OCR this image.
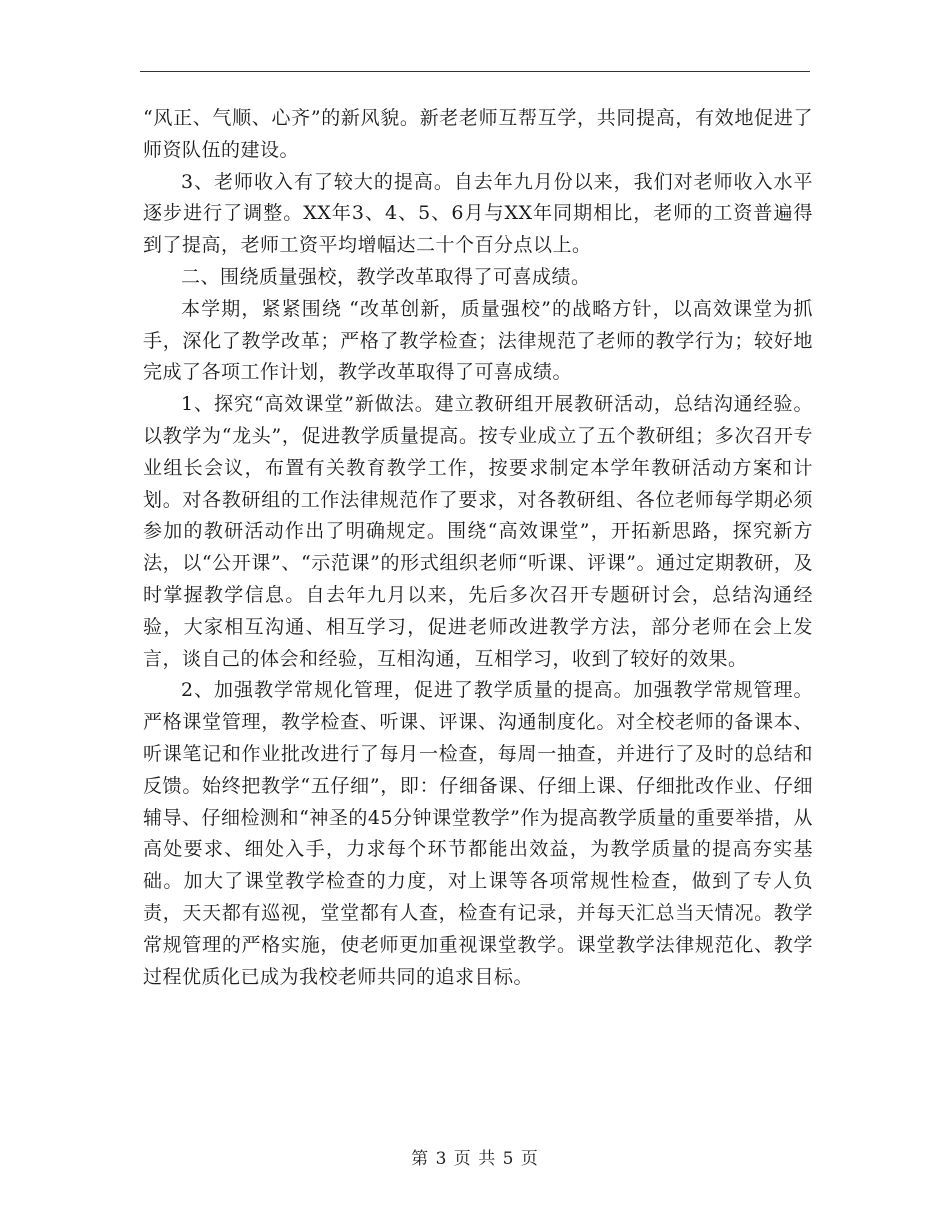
“风正、气顺、心齐”的新风貌。新老老师互帮互学，共同提高，有效地促进了师资队伍的建设。

3、老师收入有了较大的提高。自去年九月份以来，我们对老师收入水平逐步进行了调整。XX年3、4、5、6月与XX年同期相比，老师的工资普遍得到了提高，老师工资平均增幅达二十个百分点以上。

二、围绕质量强校，教学改革取得了可喜成绩。

本学期，紧紧围绕 “改革创新，质量强校”的战略方针，以高效课堂为抓手，深化了教学改革；严格了教学检查；法律规范了老师的教学行为；较好地完成了各项工作计划，教学改革取得了可喜成绩。

1、探究“高效课堂”新做法。建立教研组开展教研活动，总结沟通经验。以教学为“龙头”，促进教学质量提高。按专业成立了五个教研组；多次召开专业组长会议，布置有关教育教学工作，按要求制定本学年教研活动方案和计划。对各教研组的工作法律规范作了要求，对各教研组、各位老师每学期必须参加的教研活动作出了明确规定。围绕“高效课堂”，开拓新思路，探究新方法，以“公开课”、“示范课”的形式组织老师“听课、评课”。通过定期教研，及时掌握教学信息。自去年九月以来，先后多次召开专题研讨会，总结沟通经验，大家相互沟通、相互学习，促进老师改进教学方法，部分老师在会上发言，谈自己的体会和经验，互相沟通，互相学习，收到了较好的效果。

2、加强教学常规化管理，促进了教学质量的提高。加强教学常规管理。严格课堂管理，教学检查、听课、评课、沟通制度化。对全校老师的备课本、听课笔记和作业批改进行了每月一检查，每周一抽查，并进行了及时的总结和反馈。始终把教学“五仔细”，即：仔细备课、仔细上课、仔细批改作业、仔细辅导、仔细检测和“神圣的45分钟课堂教学”作为提高教学质量的重要举措，从高处要求、细处入手，力求每个环节都能出效益，为教学质量的提高夯实基础。加大了课堂教学检查的力度，对上课等各项常规性检查，做到了专人负责，天天都有巡视，堂堂都有人查，检查有记录，并每天汇总当天情况。教学常规管理的严格实施，使老师更加重视课堂教学。课堂教学法律规范化、教学过程优质化已成为我校老师共同的追求目标。

第 3 页 共 5 页
